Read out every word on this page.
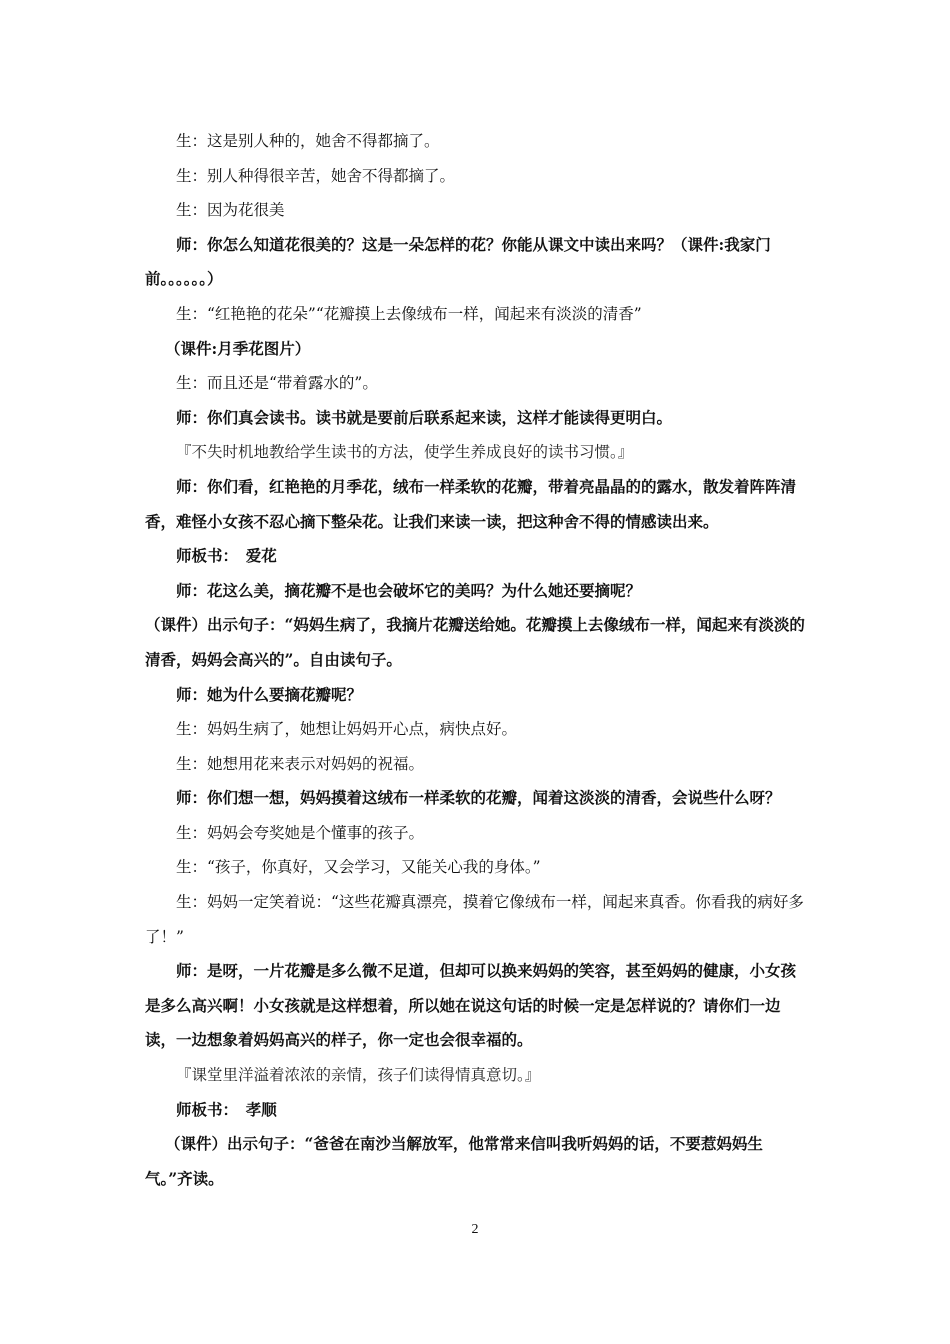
生：这是别人种的，她舍不得都摘了。

生：别人种得很辛苦，她舍不得都摘了。

生：因为花很美

师：你怎么知道花很美的？这是一朵怎样的花？你能从课文中读出来吗？（课件:我家门前。。。。。。）

生：“红艳艳的花朵”“花瓣摸上去像绒布一样，闻起来有淡淡的清香”

（课件:月季花图片）

生：而且还是“带着露水的”。

师：你们真会读书。读书就是要前后联系起来读，这样才能读得更明白。

『不失时机地教给学生读书的方法，使学生养成良好的读书习惯。』

师：你们看，红艳艳的月季花，绒布一样柔软的花瓣，带着亮晶晶的的露水，散发着阵阵清香，难怪小女孩不忍心摘下整朵花。让我们来读一读，把这种舍不得的情感读出来。

师板书：　爱花

师：花这么美，摘花瓣不是也会破坏它的美吗？为什么她还要摘呢？

（课件）出示句子：“妈妈生病了，我摘片花瓣送给她。花瓣摸上去像绒布一样，闻起来有淡淡的清香，妈妈会高兴的”。自由读句子。

师：她为什么要摘花瓣呢？

生：妈妈生病了，她想让妈妈开心点，病快点好。

生：她想用花来表示对妈妈的祝福。

师：你们想一想，妈妈摸着这绒布一样柔软的花瓣，闻着这淡淡的清香，会说些什么呀？

生：妈妈会夸奖她是个懂事的孩子。

生：“孩子，你真好，又会学习，又能关心我的身体。”

生：妈妈一定笑着说：“这些花瓣真漂亮，摸着它像绒布一样，闻起来真香。你看我的病好多了！”

师：是呀，一片花瓣是多么微不足道，但却可以换来妈妈的笑容，甚至妈妈的健康，小女孩是多么高兴啊！小女孩就是这样想着，所以她在说这句话的时候一定是怎样说的？请你们一边读，一边想象着妈妈高兴的样子，你一定也会很幸福的。

『课堂里洋溢着浓浓的亲情，孩子们读得情真意切。』

师板书：　孝顺

（课件）出示句子：“爸爸在南沙当解放军，他常常来信叫我听妈妈的话，不要惹妈妈生气。”齐读。

2
